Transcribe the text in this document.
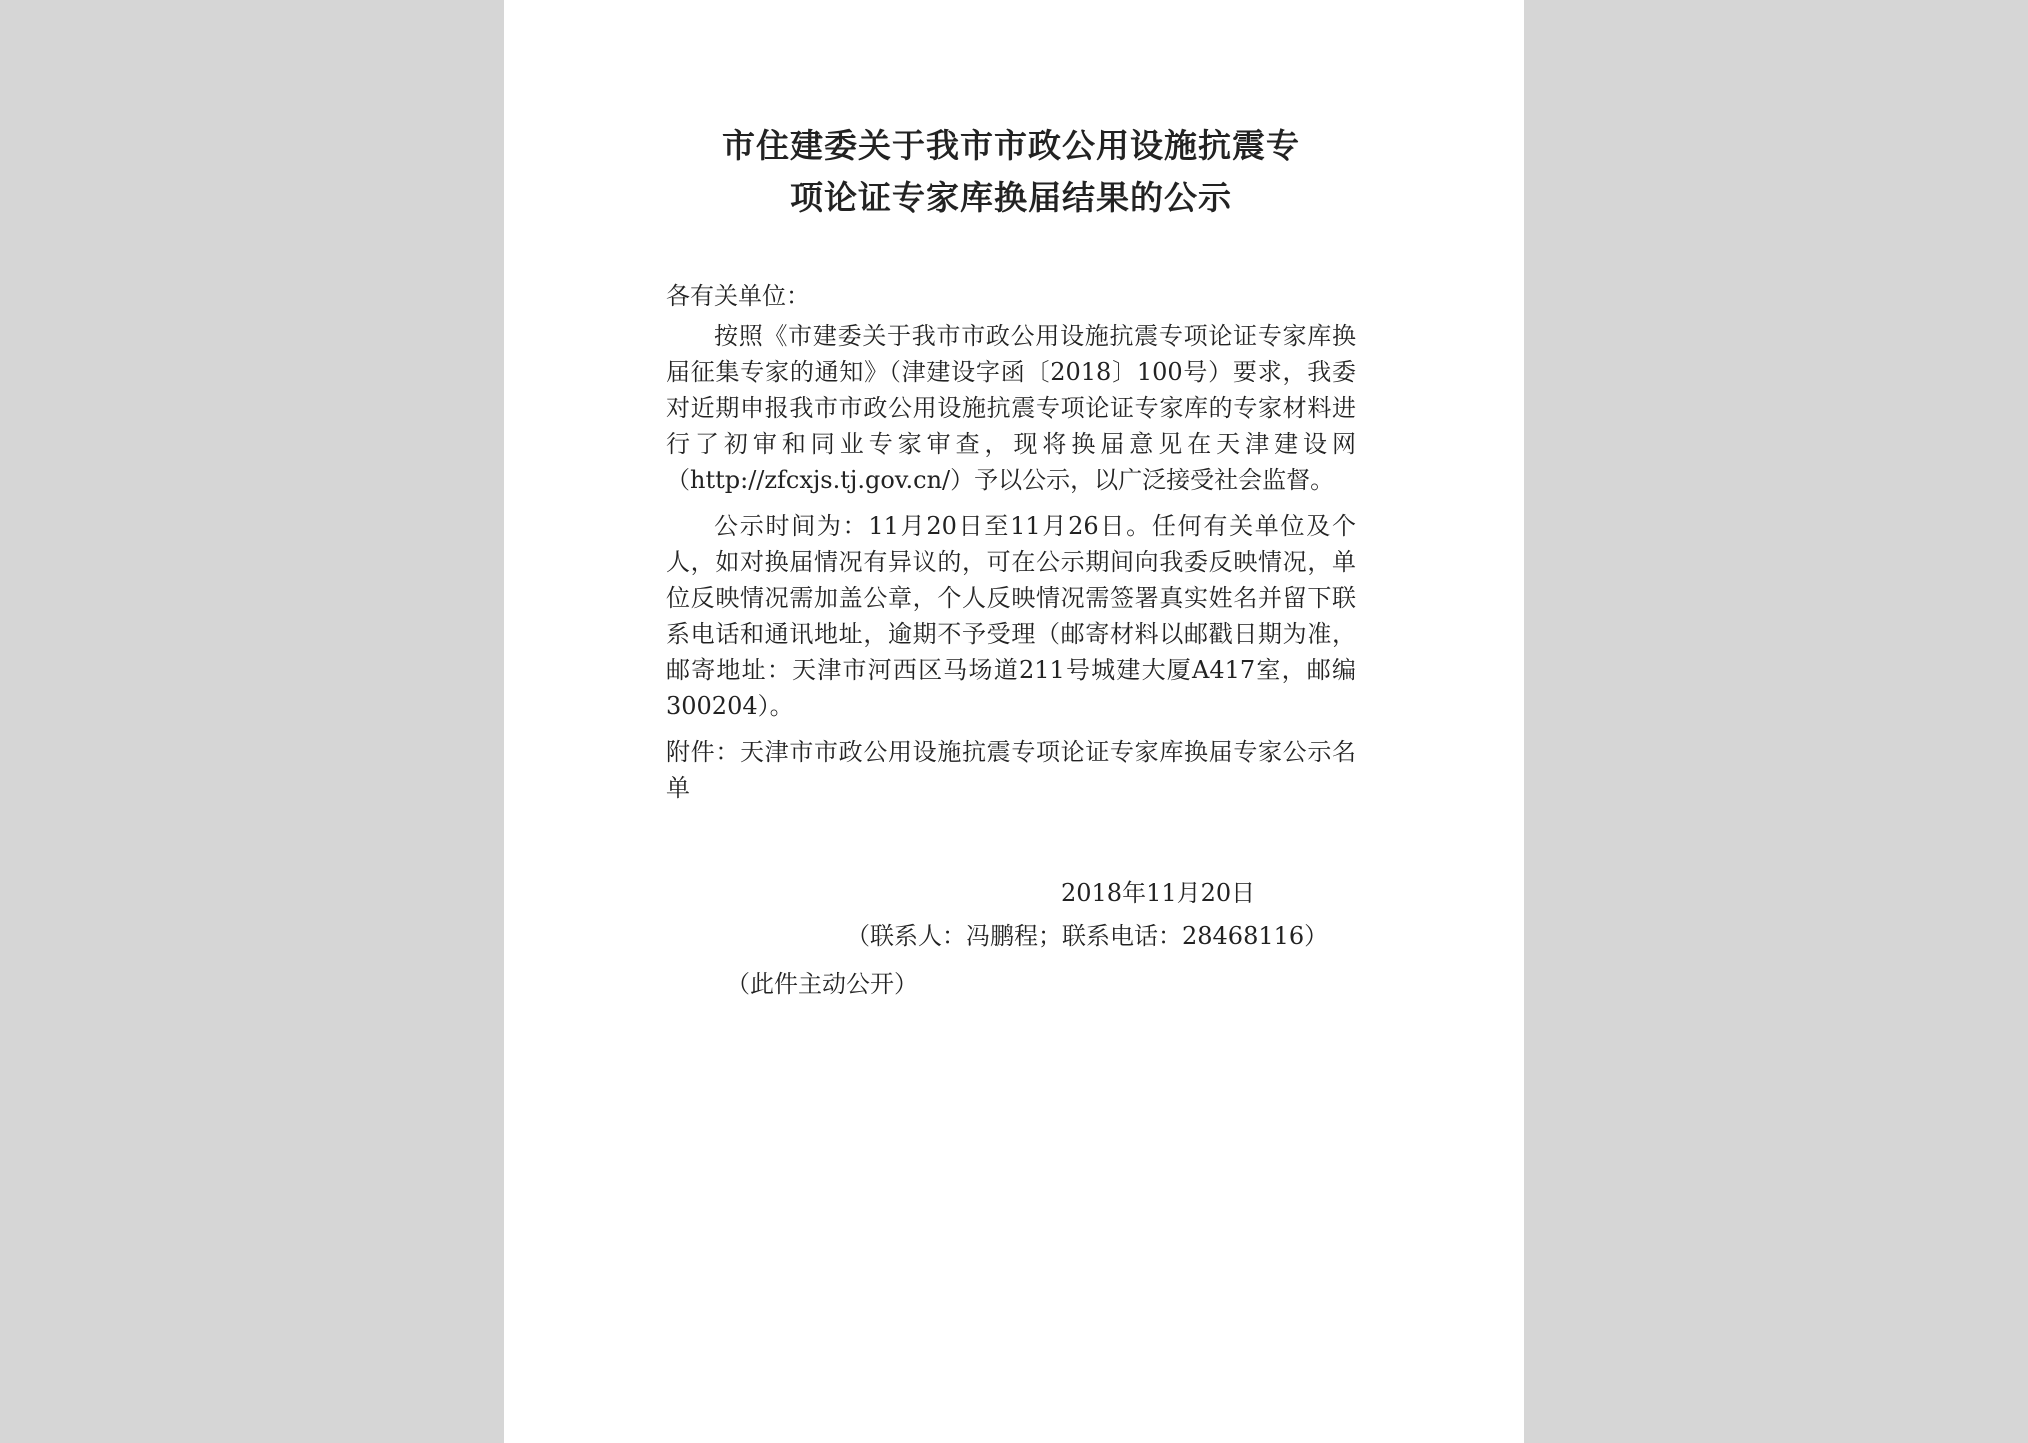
市住建委关于我市市政公用设施抗震专
项论证专家库换届结果的公示
各有关单位：

按照《市建委关于我市市政公用设施抗震专项论证专家库换届征集专家的通知》（津建设字函〔2018〕100号）要求，我委对近期申报我市市政公用设施抗震专项论证专家库的专家材料进行了初审和同业专家审查，现将换届意见在天津建设网（http://zfcxjs.tj.gov.cn/）予以公示，以广泛接受社会监督。

公示时间为：11月20日至11月26日。任何有关单位及个人，如对换届情况有异议的，可在公示期间向我委反映情况，单位反映情况需加盖公章，个人反映情况需签署真实姓名并留下联系电话和通讯地址，逾期不予受理（邮寄材料以邮戳日期为准，邮寄地址：天津市河西区马场道211号城建大厦A417室，邮编300204）。

附件：天津市市政公用设施抗震专项论证专家库换届专家公示名单

2018年11月20日
（联系人：冯鹏程；联系电话：28468116）
（此件主动公开）
